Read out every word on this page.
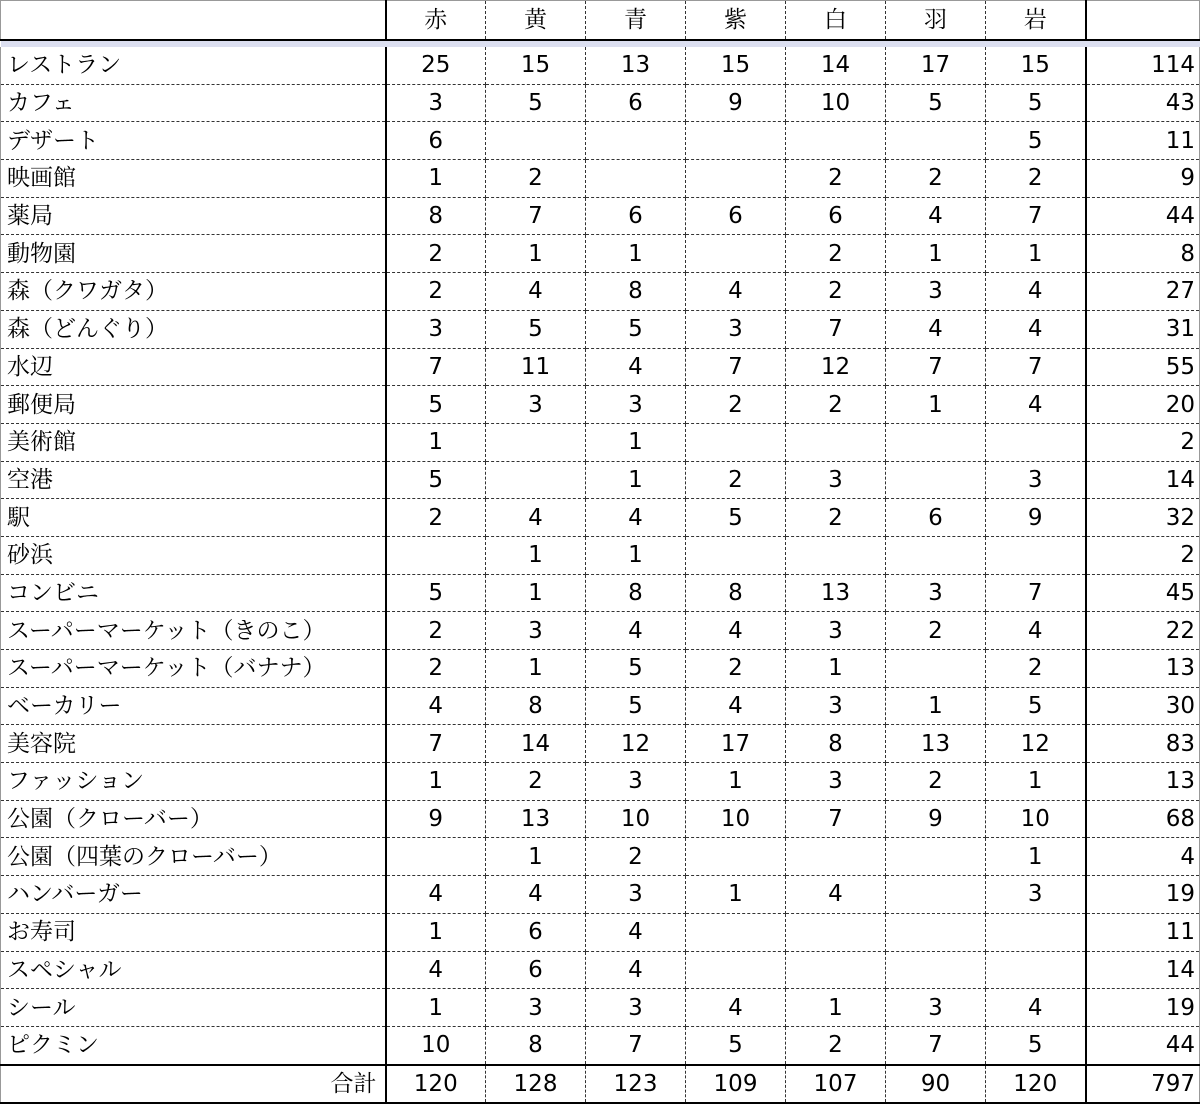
	赤	黄	青	紫	白	羽	岩	

レストラン	25	15	13	15	14	17	15	114
カフェ	3	5	6	9	10	5	5	43
デザート	6						5	11
映画館	1	2			2	2	2	9
薬局	8	7	6	6	6	4	7	44
動物園	2	1	1		2	1	1	8
森（クワガタ）	2	4	8	4	2	3	4	27
森（どんぐり）	3	5	5	3	7	4	4	31
水辺	7	11	4	7	12	7	7	55
郵便局	5	3	3	2	2	1	4	20
美術館	1		1					2
空港	5		1	2	3		3	14
駅	2	4	4	5	2	6	9	32
砂浜		1	1					2
コンビニ	5	1	8	8	13	3	7	45
スーパーマーケット（きのこ）	2	3	4	4	3	2	4	22
スーパーマーケット（バナナ）	2	1	5	2	1		2	13
ベーカリー	4	8	5	4	3	1	5	30
美容院	7	14	12	17	8	13	12	83
ファッション	1	2	3	1	3	2	1	13
公園（クローバー）	9	13	10	10	7	9	10	68
公園（四葉のクローバー）		1	2				1	4
ハンバーガー	4	4	3	1	4		3	19
お寿司	1	6	4					11
スペシャル	4	6	4					14
シール	1	3	3	4	1	3	4	19
ピクミン	10	8	7	5	2	7	5	44
合計	120	128	123	109	107	90	120	797
